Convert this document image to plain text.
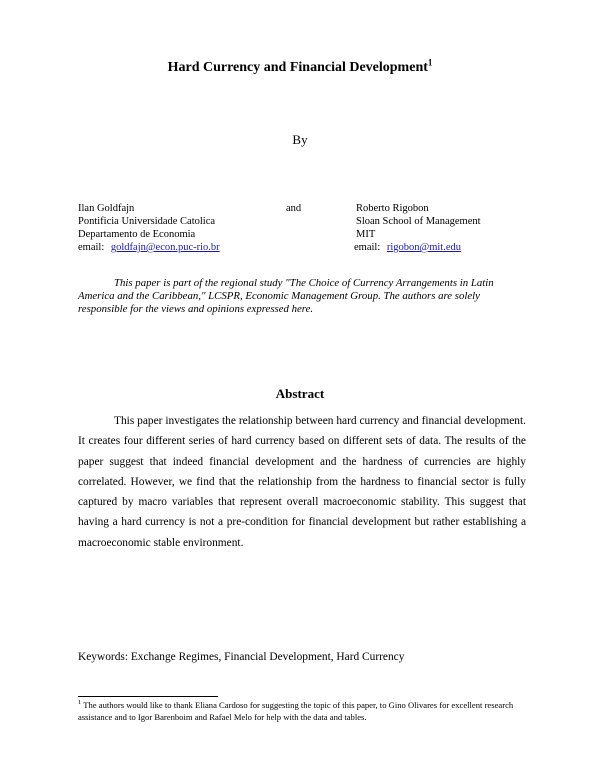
Hard Currency and Financial Development$^1$
By
Ilan Goldfajn
Pontificia Universidade Catolica
Departamento de Economia
email: goldfajn@econ.puc-rio.br
and	Roberto Rigobon
Sloan School of Management
MIT
email: rigobon@mit.edu
This paper is part of the regional study "The Choice of Currency Arrangements in Latin America and the Caribbean," LCSPR, Economic Management Group. The authors are solely responsible for the views and opinions expressed here.
Abstract
This paper investigates the relationship between hard currency and financial development. It creates four different series of hard currency based on different sets of data. The results of the paper suggest that indeed financial development and the hardness of currencies are highly correlated. However, we find that the relationship from the hardness to financial sector is fully captured by macro variables that represent overall macroeconomic stability. This suggest that having a hard currency is not a pre-condition for financial development but rather establishing a macroeconomic stable environment.
Keywords: Exchange Regimes, Financial Development, Hard Currency
$^1$ The authors would like to thank Eliana Cardoso for suggesting the topic of this paper, to Gino Olivares for excellent research assistance and to Igor Barenboim and Rafael Melo for help with the data and tables.
